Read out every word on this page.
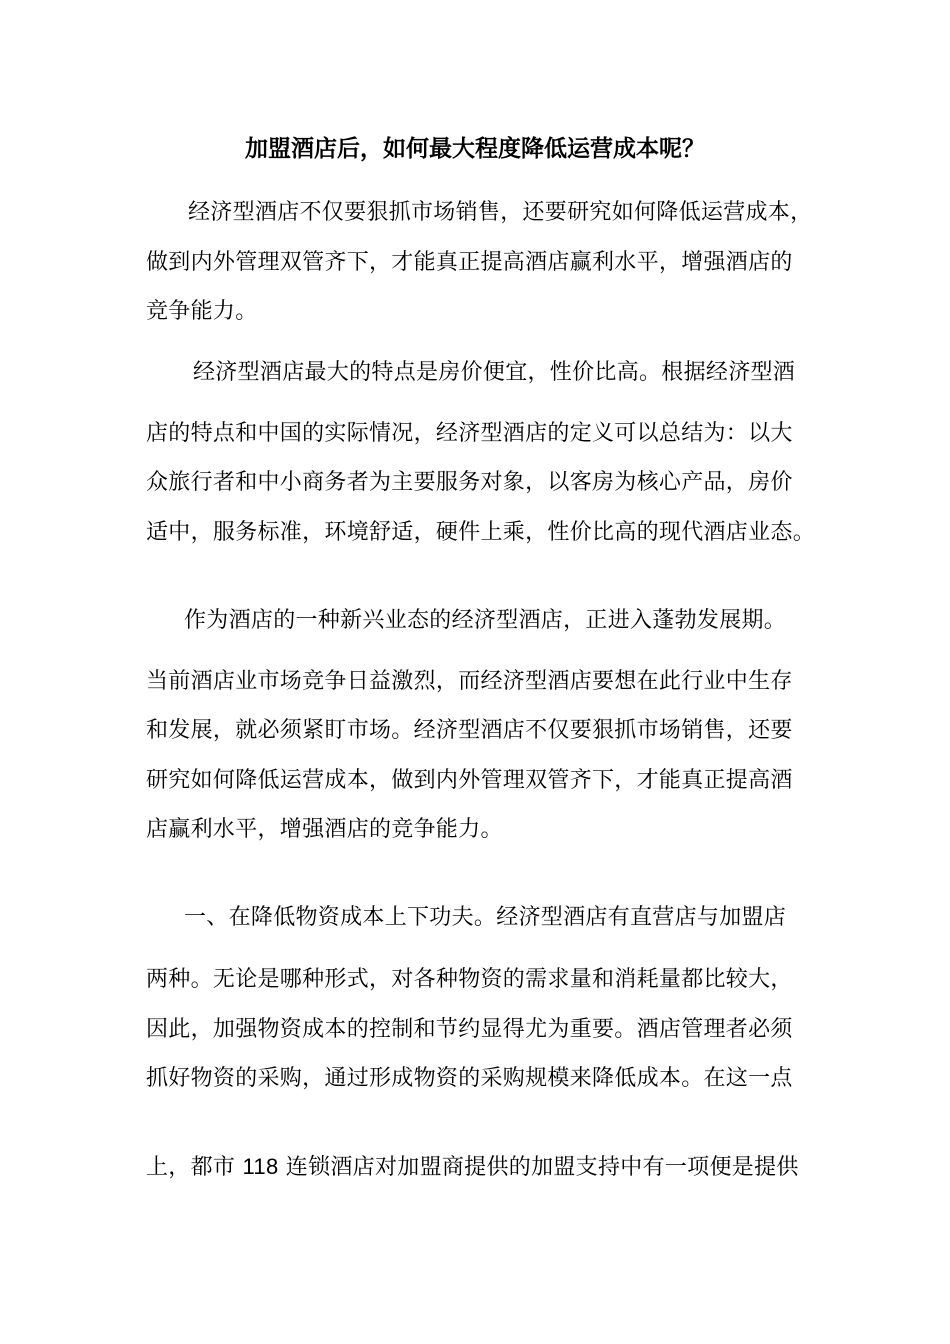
加盟酒店后，如何最大程度降低运营成本呢？
经济型酒店不仅要狠抓市场销售，还要研究如何降低运营成本，
做到内外管理双管齐下，才能真正提高酒店赢利水平，增强酒店的
竞争能力。
经济型酒店最大的特点是房价便宜，性价比高。根据经济型酒
店的特点和中国的实际情况，经济型酒店的定义可以总结为：以大
众旅行者和中小商务者为主要服务对象，以客房为核心产品，房价
适中，服务标准，环境舒适，硬件上乘，性价比高的现代酒店业态。
作为酒店的一种新兴业态的经济型酒店，正进入蓬勃发展期。
当前酒店业市场竞争日益激烈，而经济型酒店要想在此行业中生存
和发展，就必须紧盯市场。经济型酒店不仅要狠抓市场销售，还要
研究如何降低运营成本，做到内外管理双管齐下，才能真正提高酒
店赢利水平，增强酒店的竞争能力。
一、在降低物资成本上下功夫。经济型酒店有直营店与加盟店
两种。无论是哪种形式，对各种物资的需求量和消耗量都比较大，
因此，加强物资成本的控制和节约显得尤为重要。酒店管理者必须
抓好物资的采购，通过形成物资的采购规模来降低成本。在这一点
上，都市 118 连锁酒店对加盟商提供的加盟支持中有一项便是提供
